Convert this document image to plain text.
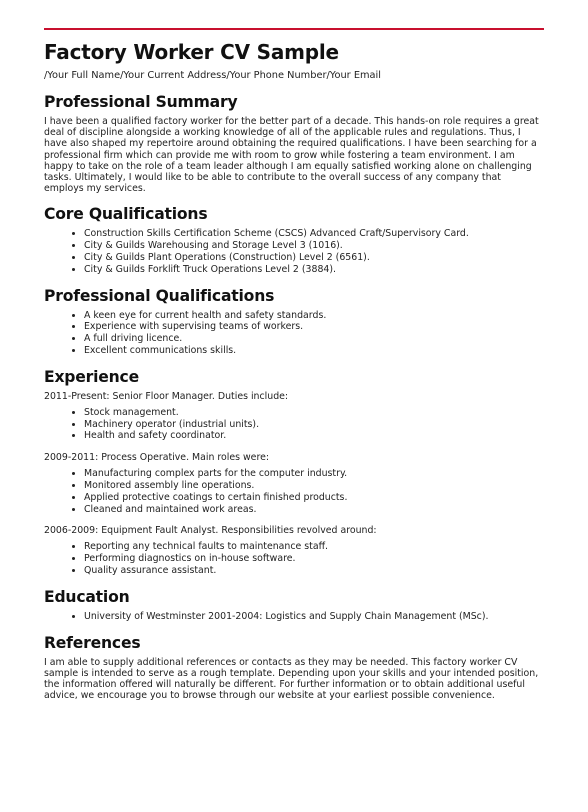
Factory Worker CV Sample

/Your Full Name/Your Current Address/Your Phone Number/Your Email

Professional Summary

I have been a qualified factory worker for the better part of a decade. This hands-on role requires a great deal of discipline alongside a working knowledge of all of the applicable rules and regulations. Thus, I have also shaped my repertoire around obtaining the required qualifications. I have been searching for a professional firm which can provide me with room to grow while fostering a team environment. I am happy to take on the role of a team leader although I am equally satisfied working alone on challenging tasks. Ultimately, I would like to be able to contribute to the overall success of any company that employs my services.

Core Qualifications
• Construction Skills Certification Scheme (CSCS) Advanced Craft/Supervisory Card.
• City & Guilds Warehousing and Storage Level 3 (1016).
• City & Guilds Plant Operations (Construction) Level 2 (6561).
• City & Guilds Forklift Truck Operations Level 2 (3884).
Professional Qualifications
• A keen eye for current health and safety standards.
• Experience with supervising teams of workers.
• A full driving licence.
• Excellent communications skills.
Experience

2011-Present: Senior Floor Manager. Duties include:

• Stock management.
• Machinery operator (industrial units).
• Health and safety coordinator.

2009-2011: Process Operative. Main roles were:

• Manufacturing complex parts for the computer industry.
• Monitored assembly line operations.
• Applied protective coatings to certain finished products.
• Cleaned and maintained work areas.

2006-2009: Equipment Fault Analyst. Responsibilities revolved around:

• Reporting any technical faults to maintenance staff.
• Performing diagnostics on in-house software.
• Quality assurance assistant.
Education
• University of Westminster 2001-2004: Logistics and Supply Chain Management (MSc).
References

I am able to supply additional references or contacts as they may be needed. This factory worker CV sample is intended to serve as a rough template. Depending upon your skills and your intended position, the information offered will naturally be different. For further information or to obtain additional useful advice, we encourage you to browse through our website at your earliest possible convenience.
